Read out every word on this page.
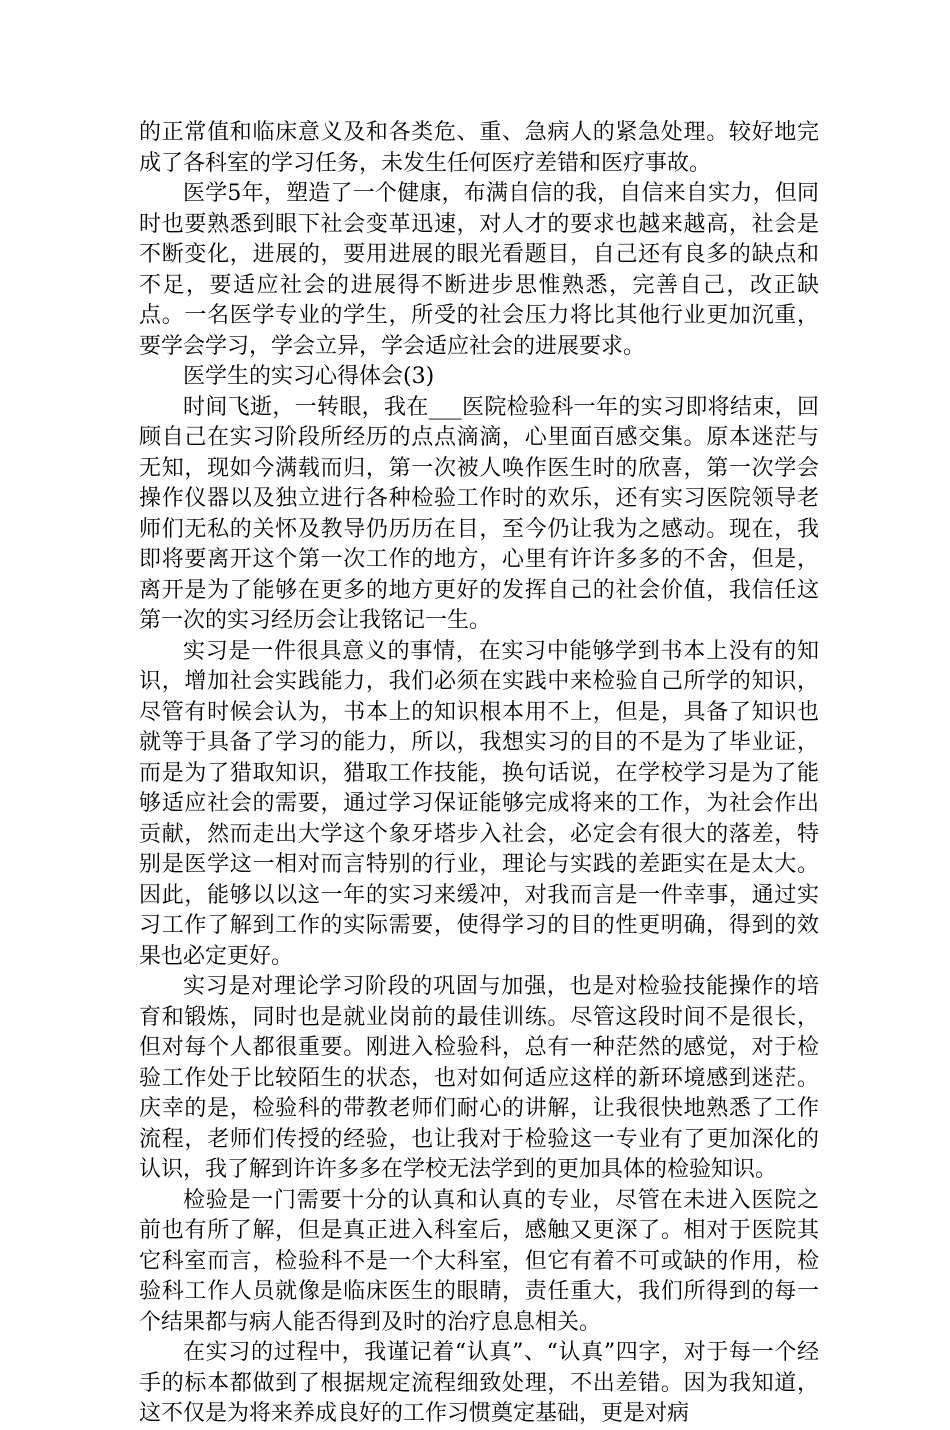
的正常值和临床意义及和各类危、重、急病人的紧急处理。较好地完成了各科室的学习任务，未发生任何医疗差错和医疗事故。

医学5年，塑造了一个健康，布满自信的我，自信来自实力，但同时也要熟悉到眼下社会变革迅速，对人才的要求也越来越高，社会是不断变化，进展的，要用进展的眼光看题目，自己还有良多的缺点和不足，要适应社会的进展得不断进步思惟熟悉，完善自己，改正缺点。一名医学专业的学生，所受的社会压力将比其他行业更加沉重，要学会学习，学会立异，学会适应社会的进展要求。

医学生的实习心得体会(3)

时间飞逝，一转眼，我在___医院检验科一年的实习即将结束，回顾自己在实习阶段所经历的点点滴滴，心里面百感交集。原本迷茫与无知，现如今满载而归，第一次被人唤作医生时的欣喜，第一次学会操作仪器以及独立进行各种检验工作时的欢乐，还有实习医院领导老师们无私的关怀及教导仍历历在目，至今仍让我为之感动。现在，我即将要离开这个第一次工作的地方，心里有许许多多的不舍，但是，离开是为了能够在更多的地方更好的发挥自己的社会价值，我信任这第一次的实习经历会让我铭记一生。

实习是一件很具意义的事情，在实习中能够学到书本上没有的知识，增加社会实践能力，我们必须在实践中来检验自己所学的知识，尽管有时候会认为，书本上的知识根本用不上，但是，具备了知识也就等于具备了学习的能力，所以，我想实习的目的不是为了毕业证，而是为了猎取知识，猎取工作技能，换句话说，在学校学习是为了能够适应社会的需要，通过学习保证能够完成将来的工作，为社会作出贡献，然而走出大学这个象牙塔步入社会，必定会有很大的落差，特别是医学这一相对而言特别的行业，理论与实践的差距实在是太大。因此，能够以以这一年的实习来缓冲，对我而言是一件幸事，通过实习工作了解到工作的实际需要，使得学习的目的性更明确，得到的效果也必定更好。

实习是对理论学习阶段的巩固与加强，也是对检验技能操作的培育和锻炼，同时也是就业岗前的最佳训练。尽管这段时间不是很长，但对每个人都很重要。刚进入检验科，总有一种茫然的感觉，对于检验工作处于比较陌生的状态，也对如何适应这样的新环境感到迷茫。庆幸的是，检验科的带教老师们耐心的讲解，让我很快地熟悉了工作流程，老师们传授的经验，也让我对于检验这一专业有了更加深化的认识，我了解到许许多多在学校无法学到的更加具体的检验知识。

检验是一门需要十分的认真和认真的专业，尽管在未进入医院之前也有所了解，但是真正进入科室后，感触又更深了。相对于医院其它科室而言，检验科不是一个大科室，但它有着不可或缺的作用，检验科工作人员就像是临床医生的眼睛，责任重大，我们所得到的每一个结果都与病人能否得到及时的治疗息息相关。

在实习的过程中，我谨记着“认真”、“认真”四字，对于每一个经手的标本都做到了根据规定流程细致处理，不出差错。因为我知道，这不仅是为将来养成良好的工作习惯奠定基础，更是对病
